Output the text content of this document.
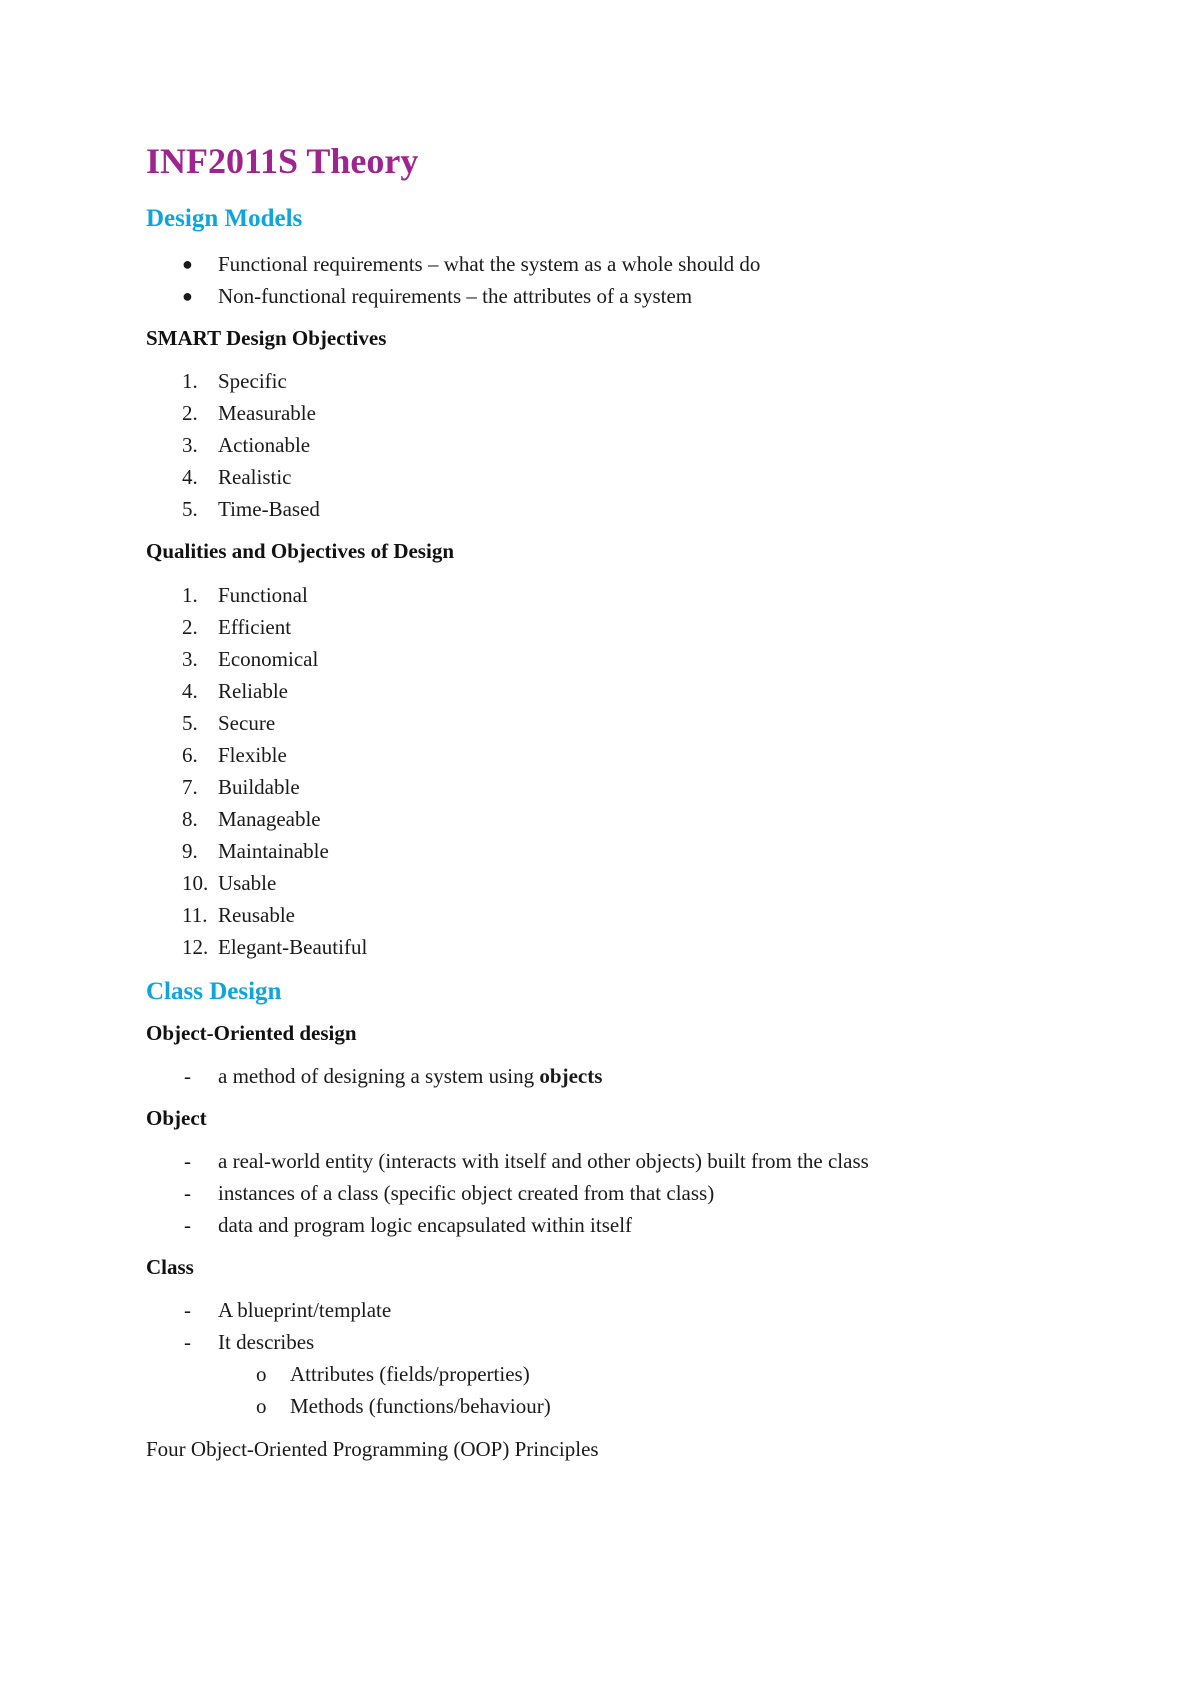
INF2011S Theory
Design Models
●	Functional requirements – what the system as a whole should do
●	Non-functional requirements – the attributes of a system
SMART Design Objectives
1. Specific
2. Measurable
3. Actionable
4. Realistic
5. Time-Based
Qualities and Objectives of Design
1. Functional
2. Efficient
3. Economical
4. Reliable
5. Secure
6. Flexible
7. Buildable
8. Manageable
9. Maintainable
10. Usable
11. Reusable
12. Elegant-Beautiful
Class Design
Object-Oriented design
-	a method of designing a system using objects
Object
-	a real-world entity (interacts with itself and other objects) built from the class
-	instances of a class (specific object created from that class)
-	data and program logic encapsulated within itself
Class
-	A blueprint/template
-	It describes
o	Attributes (fields/properties)
o	Methods (functions/behaviour)
Four Object-Oriented Programming (OOP) Principles
